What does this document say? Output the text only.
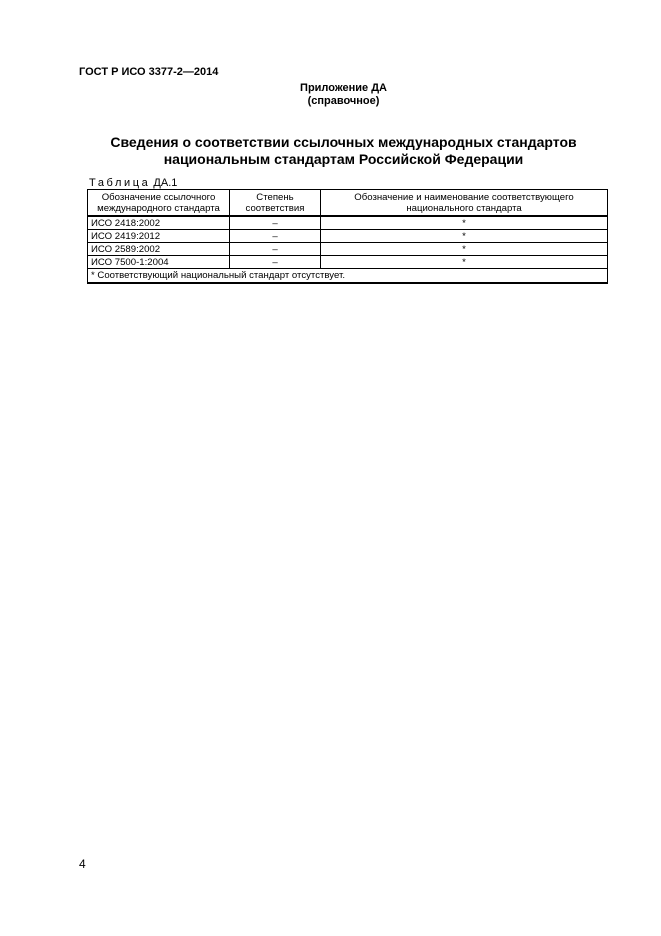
ГОСТ Р ИСО 3377-2—2014
Приложение ДА
(справочное)
Сведения о соответствии ссылочных международных стандартов
национальным стандартам Российской Федерации
Таблица ДА.1
Обозначение ссылочного международного стандарта	Степень соответствия	Обозначение и наименование соответствующего национального стандарта
ИСО 2418:2002	–	*
ИСО 2419:2012	–	*
ИСО 2589:2002	–	*
ИСО 7500-1:2004	–	*
* Соответствующий национальный стандарт отсутствует.		
4
